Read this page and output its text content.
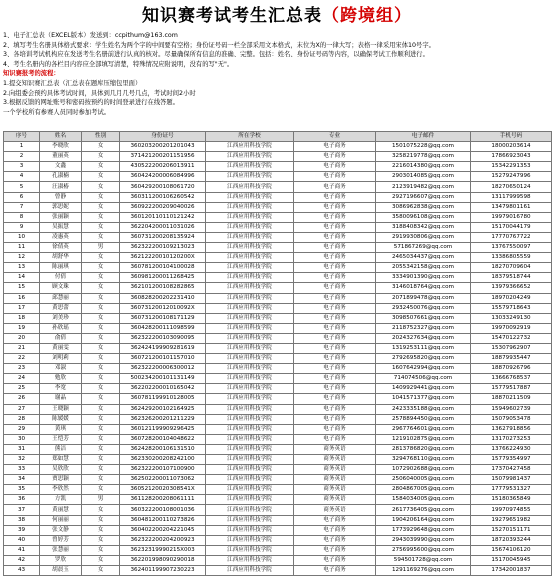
知识赛考试考生汇总表（跨境组）
1、电子汇总表（EXCEL版本）发送到：ccpithum@163.com
2、填写考生名册具体格式要求：学生姓名为两个字的中间要有空格；身份证号码一栏全部采用文本格式，末位为X的一律大写；表格一律采用宋体10号字。
3、各培训考试机构应在发送考生名册前进行认真的核对。尽量确保所有信息的准确、完整。包括：姓名、身份证号码等内容，以确保考试工作顺利进行。
4、考生名册内的各栏目内容应全部填写清楚，特殊情况应附说明，没有的写"无"。
知识赛报考的流程：
1.提交知识赛汇总表（汇总表在题库压缩包里面）
2.向组委会预约具体考试时间，具体到几月几号几点，考试时间2小时
3.根据反馈的网址账号和密码按预约的时间登录进行在线答题。
一个学校所有参赛人员同时参加考试。
序号	姓名	性别	身份证号	所在学校	专业	电子邮件	手机号码
1	李晓欣	女	360203200201201043	江西应用科技学院	电子商务	1501075228@qq.com	18000203614
2	董丽英	女	371421200201151956	江西应用科技学院	电子商务	3258219778@qq.com	17866923043
3	文鑫	女	430522200206013911	江西应用科技学院	电子商务	2216014380@qq.com	15342291353
4	孔淑楠	女	360424200006084996	江西应用科技学院	电子商务	2903014085@qq.com	15279247996
5	汪淑椿	女	360429200108061720	江西应用科技学院	电子商务	2123919482@qq.com	18270650124
6	曾静	女	360311200106260542	江西应用科技学院	电子商务	2927196607@qq.com	13117999598
7	郭思妮	女	360922200209040026	江西应用科技学院	电子商务	3086962838@qq.com	13479801161
8	张丽颖	女	360120110110121242	江西应用科技学院	电子商务	3580096108@qq.com	19979016780
9	吴振慧	女	362204200011031026	江西应用科技学院	电子商务	3188408342@qq.com	15170044179
10	凌惠英	女	360731200208135924	江西应用科技学院	电子商务	2919930806@qq.com	17770767722
11	徐倩英	男	362322200109213023	江西应用科技学院	电子商务	571867269@qq.com	13767550097
12	胡舒华	女	36212220010120200X	江西应用科技学院	电子商务	2465034437@qq.com	13386805559
13	陈丽琪	女	360781200104100028	江西应用科技学院	电子商务	2055342158@qq.com	18270709604
14	付倩	女	360981200011268425	江西应用科技学院	电子商务	3334901390@qq.com	18379518744
15	顾文珠	女	362101200108282865	江西应用科技学院	电子商务	3146018764@qq.com	13979366652
16	邱慧丽	女	360828200202231410	江西应用科技学院	电子商务	2071899478@qq.com	18970204249
17	黄思蕾	女	36073120012010092X	江西应用科技学院	电子商务	2932450076@qq.com	15579718643
18	刘美珍	女	360731200108171129	江西应用科技学院	电子商务	3098507661@qq.com	13033249130
19	孙欣瑶	女	360428200111098599	江西应用科技学院	电子商务	2118752327@qq.com	19970092919
20	俞倩	女	362322200103090095	江西应用科技学院	电子商务	2024327634@qq.com	15470122732
21	黄丽雯	女	362424199909281619	江西应用科技学院	电子商务	1319253111@qq.com	15307962907
22	刘明莉	女	360721200101157010	江西应用科技学院	电子商务	2792695820@qq.com	18879935447
23	邓淑	女	362322200006300012	江西应用科技学院	电子商务	1607642994@qq.com	18870926796
24	勉欣	女	500234200101131149	江西应用科技学院	电子商务	714074506@qq.com	13666768537
25	李宽	女	362202200010165042	江西应用科技学院	电子商务	1409929441@qq.com	15779517887
26	谢晶	女	360781199910128005	江西应用科技学院	电子商务	1041571377@qq.com	18870211509
27	王晓颖	女	362429200102164925	江西应用科技学院	电子商务	2423335188@qq.com	15949602739
28	陈媛媛	女	362326200201211229	江西应用科技学院	电子商务	2578894450@qq.com	15079053478
29	黄琪	女	360121199909296425	江西应用科技学院	电子商务	2967764601@qq.com	13627918856
30	王恺芳	女	360728200104048622	江西应用科技学院	电子商务	1219102875@qq.com	13170273253
31	熊洁	女	362428200106131510	江西应用科技学院	商务英语	2813786820@qq.com	13766224930
32	郑如慧	女	362330200208242100	江西应用科技学院	商务英语	3294768110@qq.com	15779354997
33	吴欣欣	女	362322200107100900	江西应用科技学院	商务英语	1072902688@qq.com	17370427458
34	贾思颖	女	362502200011073062	江西应用科技学院	商务英语	2506040005@qq.com	15079981437
35	李欣然	女	36052120020308541X	江西应用科技学院	商务英语	2804867005@qq.com	17779531327
36	方凯	男	361128200208061111	江西应用科技学院	商务英语	1584034005@qq.com	15180365849
37	黄丽慧	女	360322200108001036	江西应用科技学院	商务英语	2617736405@qq.com	19970974855
38	何丽丽	女	360481200110273826	江西应用科技学院	电子商务	1904206164@qq.com	19279651982
39	张文静	女	360402200204221045	江西应用科技学院	电子商务	1773929648@qq.com	15270151171
40	曾婷芳	女	362322200204200923	江西应用科技学院	电子商务	2943039990@qq.com	18720393244
41	张慧丽	女	36232319990215X003	江西应用科技学院	电子商务	2756995600@qq.com	15674106120
42	罗欣	女	362201998090290018	江西应用科技学院	电子商务	594501728@qq.com	15170045945
43	胡晨玉	女	362401199907230223	江西应用科技学院	电子商务	1291169276@qq.com	17342001837
